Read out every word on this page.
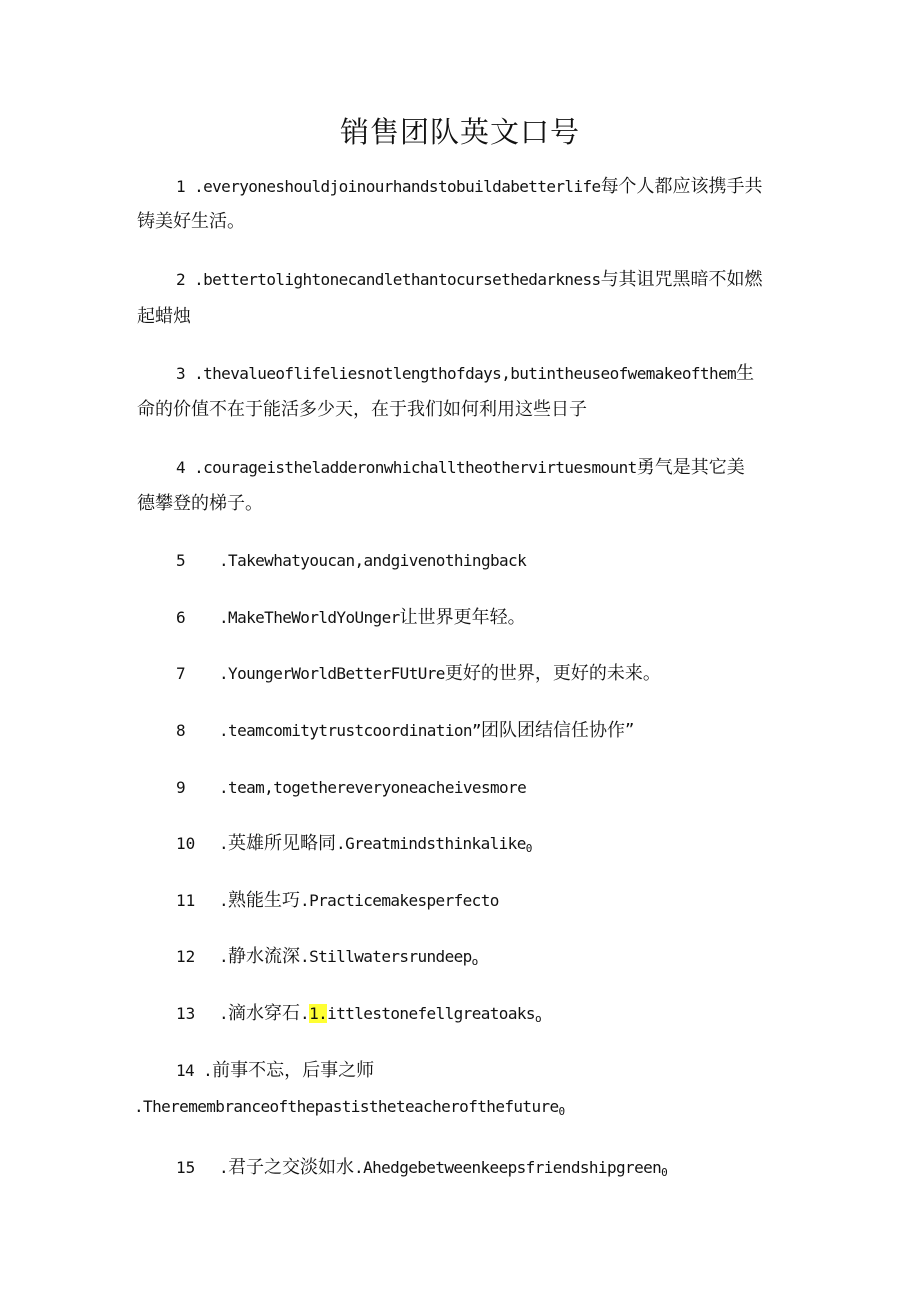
销售团队英文口号
1 .everyoneshouldjoinourhandstobuildabetterlife每个人都应该携手共
铸美好生活。
2 .bettertolightonecandlethantocursethedarkness与其诅咒黑暗不如燃
起蜡烛
3 .thevalueoflifeliesnotlengthofdays,butintheuseofwemakeofthem生
命的价值不在于能活多少天，在于我们如何利用这些日子
4 .courageistheladderonwhichalltheothervirtuesmount勇气是其它美
德攀登的梯子。
5 .Takewhatyoucan,andgivenothingback
6 .MakeTheWorldYoUnger让世界更年轻。
7 .YoungerWorldBetterFUtUre更好的世界，更好的未来。
8 .teamcomitytrustcoordination”团队团结信任协作”
9 .team,togethereveryoneacheivesmore
10 .英雄所见略同.Greatmindsthinkalike$_0$
11 .熟能生巧.Practicemakesperfecto
12 .静水流深.Stillwatersrundeep$_o$
13 .滴水穿石.1.ittlestonefellgreatoaks$_o$
14 .前事不忘，后事之师
.Theremembranceofthepastistheteacherofthefuture$_0$
15 .君子之交淡如水.Ahedgebetweenkeepsfriendshipgreen$_0$
